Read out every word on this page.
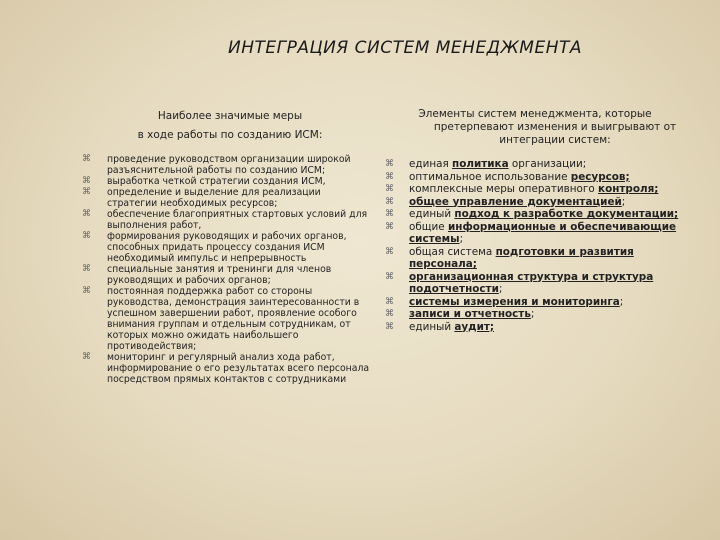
ИНТЕГРАЦИЯ СИСТЕМ МЕНЕДЖМЕНТА
Наиболее значимые меры
в ходе работы по созданию ИСМ:
Элементы систем менеджмента, которые
претерпевают изменения и выигрывают от интеграции систем:
⌘ проведение руководством организации широкой разъяснительной работы по созданию ИСМ;
⌘ выработка четкой стратегии создания ИСМ,
⌘ определение и выделение для реализации стратегии необходимых ресурсов;
⌘ обеспечение благоприятных стартовых условий для выполнения работ,
⌘ формирования руководящих и рабочих органов, способных придать процессу создания ИСМ необходимый импульс и непрерывность
⌘ специальные занятия и тренинги для членов руководящих и рабочих органов;
⌘ постоянная поддержка работ со стороны руководства, демонстрация заинтересованности в успешном завершении работ, проявление особого внимания группам и отдельным сотрудникам, от которых можно ожидать наибольшего противодействия;
⌘ мониторинг и регулярный анализ хода работ, информирование о его результатах всего персонала посредством прямых контактов с сотрудниками
⌘ единая политика организации;
⌘ оптимальное использование ресурсов;
⌘ комплексные меры оперативного контроля;
⌘ общее управление документацией;
⌘ единый подход к разработке документации;
⌘ общие информационные и обеспечивающие системы;
⌘ общая система подготовки и развития персонала;
⌘ организационная структура и структура подотчетности;
⌘ системы измерения и мониторинга;
⌘ записи и отчетность;
⌘ единый аудит;
